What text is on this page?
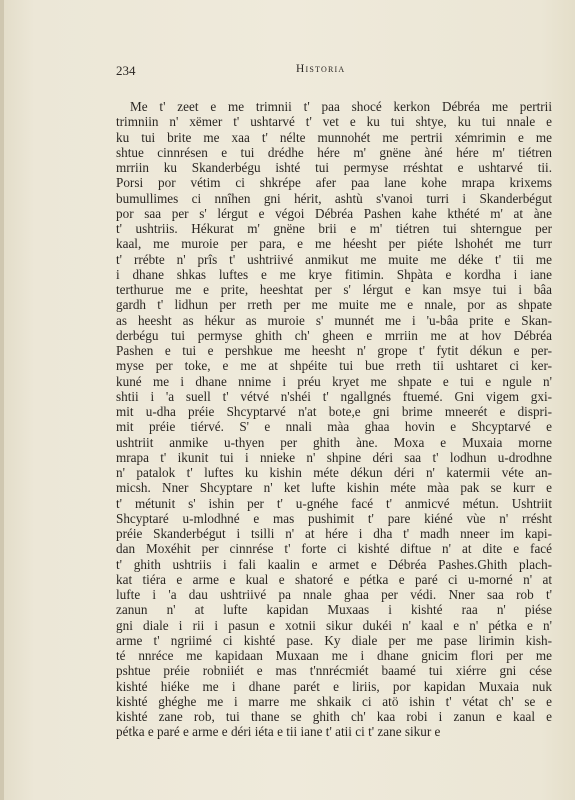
234	Historia
Me t' zeet e me trimnii t' paa shocé kerkon Débréa me pertrii
trimniin n' xëmer t' ushtarvé t' vet e ku tui shtye, ku tui nnale e
ku tui brite me xaa t' nélte munnohét me pertrii xémrimin e me
shtue cinnrésen e tui drédhe hére m' gnëne àné hére m' tiétren
mrriin ku Skanderbégu ishté tui permyse rréshtat e ushtarvé tii.
Porsi por vétim ci shkrépe afer paa lane kohe mrapa krixems
bumullimes ci nnîhen gni hérit, ashtù s'vanoi turri i Skanderbégut
por saa per s' lérgut e végoi Débréa Pashen kahe kthété m' at àne
t' ushtriis. Hékurat m' gnëne brii e m' tiétren tui shterngue per
kaal, me muroie per para, e me héesht per piéte lshohét me turr
t' rrébte n' prîs t' ushtriivé anmikut me muite me déke t' tii me
i dhane shkas luftes e me krye fitimin. Shpàta e kordha i iane
terthurue me e prite, heeshtat per s' lérgut e kan msye tui i bâa
gardh t' lidhun per rreth per me muite me e nnale, por as shpate
as heesht as hékur as muroie s' munnét me i 'u-bâa prite e Skan-
derbégu tui permyse ghith ch' gheen e mrriin me at hov Débréa
Pashen e tui e pershkue me heesht n' grope t' fytit dékun e per-
myse per toke, e me at shpéite tui bue rreth tii ushtaret ci ker-
kuné me i dhane nnime i préu kryet me shpate e tui e ngule n'
shtii i 'a suell t' vétvé n'shéi t' ngallgnés ftuemé. Gni vigem gxi-
mit u-dha préie Shcyptarvé n'at bote,e gni brime mneerét e dispri-
mit préie tiérvé. S' e nnali màa ghaa hovin e Shcyptarvé e
ushtriit anmike u-thyen per ghith àne. Moxa e Muxaia morne
mrapa t' ikunit tui i nnieke n' shpine déri saa t' lodhun u-drodhne
n' patalok t' luftes ku kishin méte dékun déri n' katermii véte an-
micsh. Nner Shcyptare n' ket lufte kishin méte màa pak se kurr e
t' métunit s' ishin per t' u-gnéhe facé t' anmicvé métun. Ushtriit
Shcyptaré u-mlodhné e mas pushimit t' pare kiéné vùe n' rrésht
préie Skanderbégut i tsilli n' at hére i dha t' madh nneer im kapi-
dan Moxéhit per cinnrése t' forte ci kishté diftue n' at dite e facé
t' ghith ushtriis i fali kaalin e armet e Débréa Pashes.Ghith plach-
kat tiéra e arme e kual e shatoré e pétka e paré ci u-morné n' at
lufte i 'a dau ushtriivé pa nnale ghaa per védi. Nner saa rob t'
zanun n' at lufte kapidan Muxaas i kishté raa n' piése
gni diale i rii i pasun e xotnii sikur dukéi n' kaal e n' pétka e n'
arme t' ngriimé ci kishté pase. Ky diale per me pase lirimin kish-
té nnréce me kapidaan Muxaan me i dhane gnicim flori per me
pshtue préie robniiét e mas t'nnrécmiét baamé tui xiérre gni cése
kishté hiéke me i dhane parét e liriis, por kapidan Muxaia nuk
kishté ghéghe me i marre me shkaik ci atö ishin t' vétat ch' se e
kishté zane rob, tui thane se ghith ch' kaa robi i zanun e kaal e
pétka e paré e arme e déri iéta e tii iane t' atii ci t' zane sikur e
